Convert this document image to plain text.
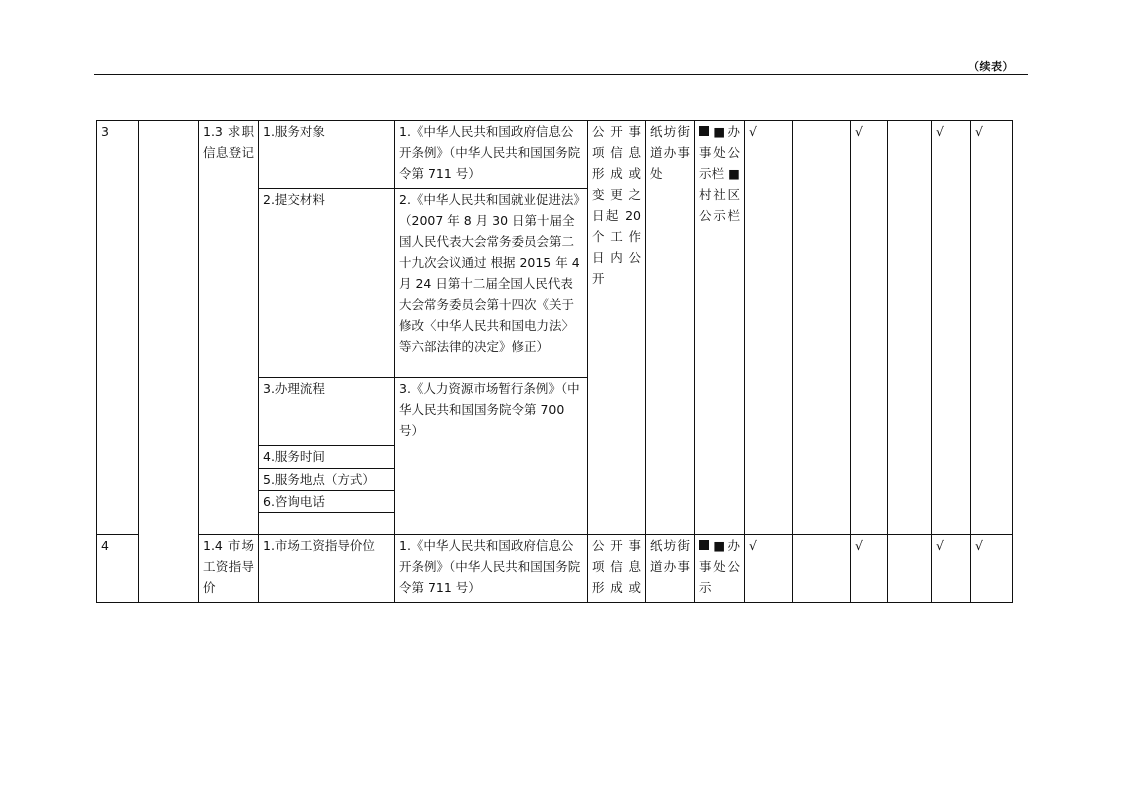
（续表）
3		1.3 求职信息登记	1.服务对象	1.《中华人民共和国政府信息公开条例》（中华人民共和国国务院令第 711 号）	公开事项信息形成或变更之日起 20 个工作日内公开	纸坊街道办事处	■办事处公示栏 ■村社区公示栏	√		√		√	√
			2.提交材料	2.《中华人民共和国就业促进法》（2007 年 8 月 30 日第十届全国人民代表大会常务委员会第二十九次会议通过 根据 2015 年 4 月 24 日第十二届全国人民代表大会常务委员会第十四次《关于修改〈中华人民共和国电力法〉等六部法律的决定》修正）									
			3.办理流程	3.《人力资源市场暂行条例》（中华人民共和国国务院令第 700 号）									
			4.服务时间										
			5.服务地点（方式）										
			6.咨询电话										

4		1.4 市场工资指导价	1.市场工资指导价位	1.《中华人民共和国政府信息公开条例》（中华人民共和国国务院令第 711 号）	公开事项信息形成或	纸坊街道办事	■办事处公示	√		√		√	√
